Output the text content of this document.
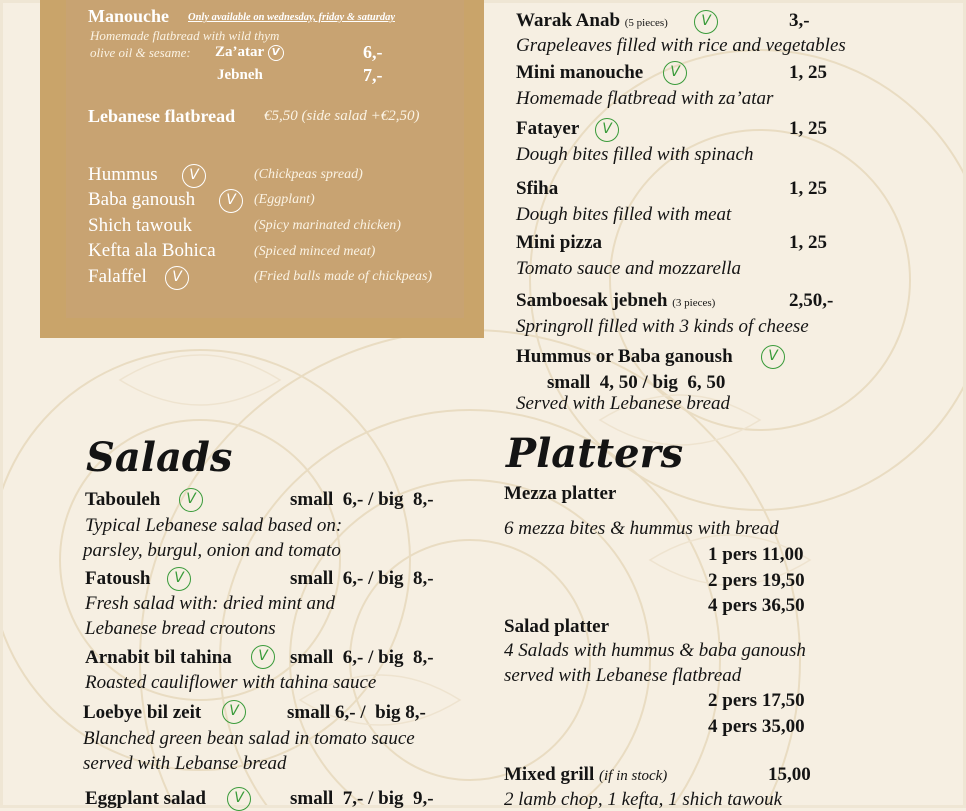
Manouche Only available on wednesday, friday & saturday
Homemade flatbread with wild thym
olive oil & sesame: Za’atar V	6,-
Jebneh	7,-
Lebanese flatbread €5,50 (side salad +€2,50)
Hummus	V	(Chickpeas spread)
Baba ganoush	V	(Eggplant)
Shich tawouk	(Spicy marinated chicken)
Kefta ala Bohica	(Spiced minced meat)
Falaffel	V	(Fried balls made of chickpeas)
Warak Anab (5 pieces)	V	3,-
Grapeleaves filled with rice and vegetables
Mini manouche	V	1, 25
Homemade flatbread with za’atar
Fatayer	V	1, 25
Dough bites filled with spinach
Sfiha	1, 25
Dough bites filled with meat
Mini pizza	1, 25
Tomato sauce and mozzarella
Samboesak jebneh (3 pieces)	2,50,-
Springroll filled with 3 kinds of cheese
Hummus or Baba ganoush	V
small  4, 50 / big  6, 50
Served with Lebanese bread
Salads
Tabouleh	V	small  6,- / big  8,-
Typical Lebanese salad based on:
parsley, burgul, onion and tomato
Fatoush	V	small  6,- / big  8,-
Fresh salad with: dried mint and
Lebanese bread croutons
Arnabit bil tahina	V	small  6,- / big  8,-
Roasted cauliflower with tahina sauce
Loebye bil zeit	V	small 6,- /  big 8,-
Blanched green bean salad in tomato sauce
served with Lebanse bread
Eggplant salad	V	small  7,- / big  9,-
Platters
Mezza platter
6 mezza bites & hummus with bread
1 pers 11,00
2 pers 19,50
4 pers 36,50
Salad platter
4 Salads with hummus & baba ganoush
served with Lebanese flatbread
2 pers 17,50
4 pers 35,00
Mixed grill (if in stock)	15,00
2 lamb chop, 1 kefta, 1 shich tawouk
